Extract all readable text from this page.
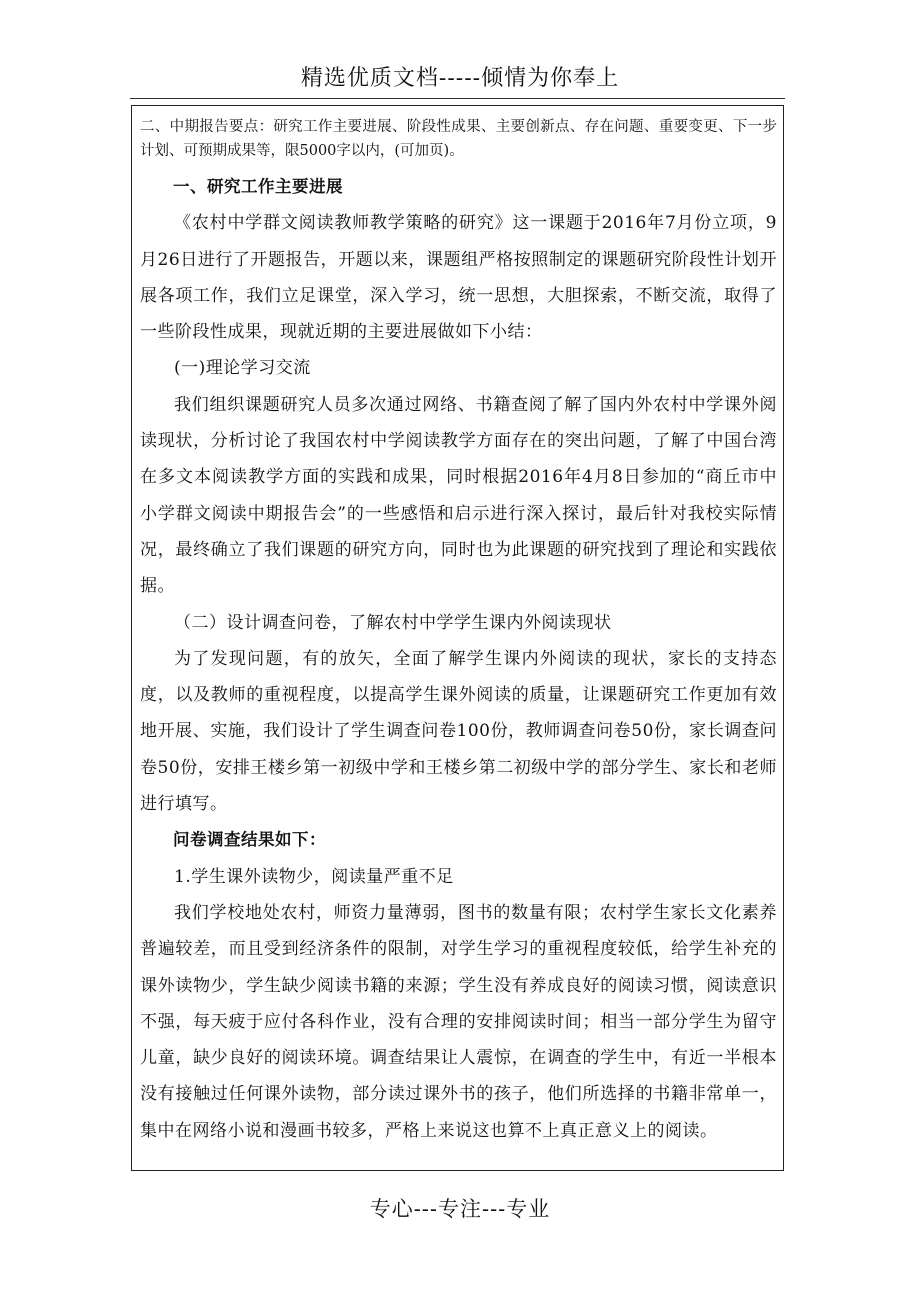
精选优质文档-----倾情为你奉上

二、中期报告要点：研究工作主要进展、阶段性成果、主要创新点、存在问题、重要变更、下一步计划、可预期成果等，限5000字以内，(可加页)。

一、研究工作主要进展

《农村中学群文阅读教师教学策略的研究》这一课题于2016年7月份立项，9月26日进行了开题报告，开题以来，课题组严格按照制定的课题研究阶段性计划开展各项工作，我们立足课堂，深入学习，统一思想，大胆探索，不断交流，取得了一些阶段性成果，现就近期的主要进展做如下小结：

(一)理论学习交流

我们组织课题研究人员多次通过网络、书籍查阅了解了国内外农村中学课外阅读现状，分析讨论了我国农村中学阅读教学方面存在的突出问题，了解了中国台湾在多文本阅读教学方面的实践和成果，同时根据2016年4月8日参加的“商丘市中小学群文阅读中期报告会”的一些感悟和启示进行深入探讨，最后针对我校实际情况，最终确立了我们课题的研究方向，同时也为此课题的研究找到了理论和实践依据。

（二）设计调查问卷，了解农村中学学生课内外阅读现状

为了发现问题，有的放矢，全面了解学生课内外阅读的现状，家长的支持态度，以及教师的重视程度，以提高学生课外阅读的质量，让课题研究工作更加有效地开展、实施，我们设计了学生调查问卷100份，教师调查问卷50份，家长调查问卷50份，安排王楼乡第一初级中学和王楼乡第二初级中学的部分学生、家长和老师进行填写。

问卷调查结果如下：

1.学生课外读物少，阅读量严重不足

我们学校地处农村，师资力量薄弱，图书的数量有限；农村学生家长文化素养普遍较差，而且受到经济条件的限制，对学生学习的重视程度较低，给学生补充的课外读物少，学生缺少阅读书籍的来源；学生没有养成良好的阅读习惯，阅读意识不强，每天疲于应付各科作业，没有合理的安排阅读时间；相当一部分学生为留守儿童，缺少良好的阅读环境。调查结果让人震惊，在调查的学生中，有近一半根本没有接触过任何课外读物，部分读过课外书的孩子，他们所选择的书籍非常单一，集中在网络小说和漫画书较多，严格上来说这也算不上真正意义上的阅读。

专心---专注---专业
